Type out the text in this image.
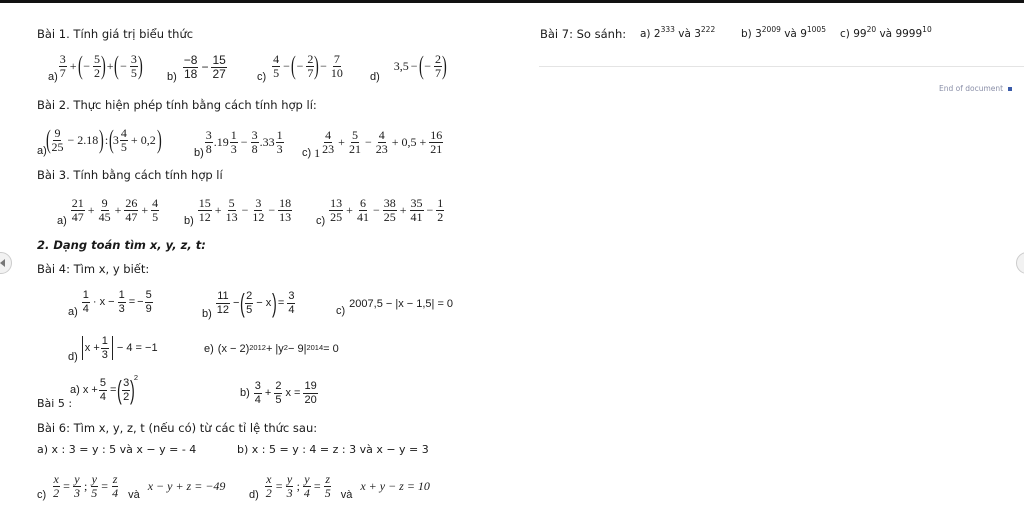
Bài 1. Tính giá trị biểu thức
a)
3
7 + ( − $\frac{5}{2}$ ) + ( − $\frac{3}{5}$ ) b)
−8
$18 - \frac{15}{27}$	c)
4
5 − ( − $\frac{2}{7}$ ) − $\frac{7}{10} d$)
3,5 − ( − $\frac{2}{7}$ )
Bài 7: So sánh: a) $2^{333}$ và $3^{222}$ b) $3^{2009}$ và $9^{1005}$ c) $99^{20}$ và 9999$^{10}$
End of document
Bài 2. Thực hiện phép tính bằng cách tính hợp lí:
a)
( 9
25 − 2.18 ) : (
3 4
5 + 0,2 )	b)
3
8 .19 1
$3 - \frac{3}{8} .33$ 1
3 c) 1
4
$23 + \frac{5}{21} - \frac{4}{23} + 0,5 + \frac{16}{21}$
Bài 3. Tính bằng cách tính hợp lí
a)
21
$47 + \frac{9}{45} + \frac{26}{47} + \frac{4}{5} b$)
15
$12 + \frac{5}{13} - \frac{3}{12} - \frac{18}{13} c$)
13
$25 + \frac{6}{41} - \frac{38}{25} + \frac{35}{41} - \frac{1}{2}$
2. Dạng toán tìm x, y, z, t:
Bài 4: Tìm x, y biết:
a)
1
4
· $x - \frac{1}{3}$ = − $\frac{5}{9}$	b)
11
12
− ( 2
5
− x ) = $\frac{3}{4}$	c)
2007,5 − |x − 1,5| = 0
d)
$x + \frac{1}{3} - 4 = -1$	e) $(x - 2)^{2012} + |y^2 - 9|^{2014} = 0$
Bài 5 :
a) $x + \frac{5}{4}$ = ( 3
2 )
$^2$
b)
3
4
+ $\frac{2}{5}$ $x = \frac{19}{20}$
Bài 6: Tìm x, y, z, t (nếu có) từ các tỉ lệ thức sau:
a) x : 3 = y : 5 và x − y = - 4	b) x : 5 = y : 4 = z : 3 và x − y = 3
$c) \frac{x}{2} = \frac{y}{3}$ ; $\frac{y}{5} = \frac{z}{4}$ và
x − y + z = −49
$d) \frac{x}{2} = \frac{y}{3}$ ; $\frac{y}{4} = \frac{z}{5}$ và
x + y − z = 10
